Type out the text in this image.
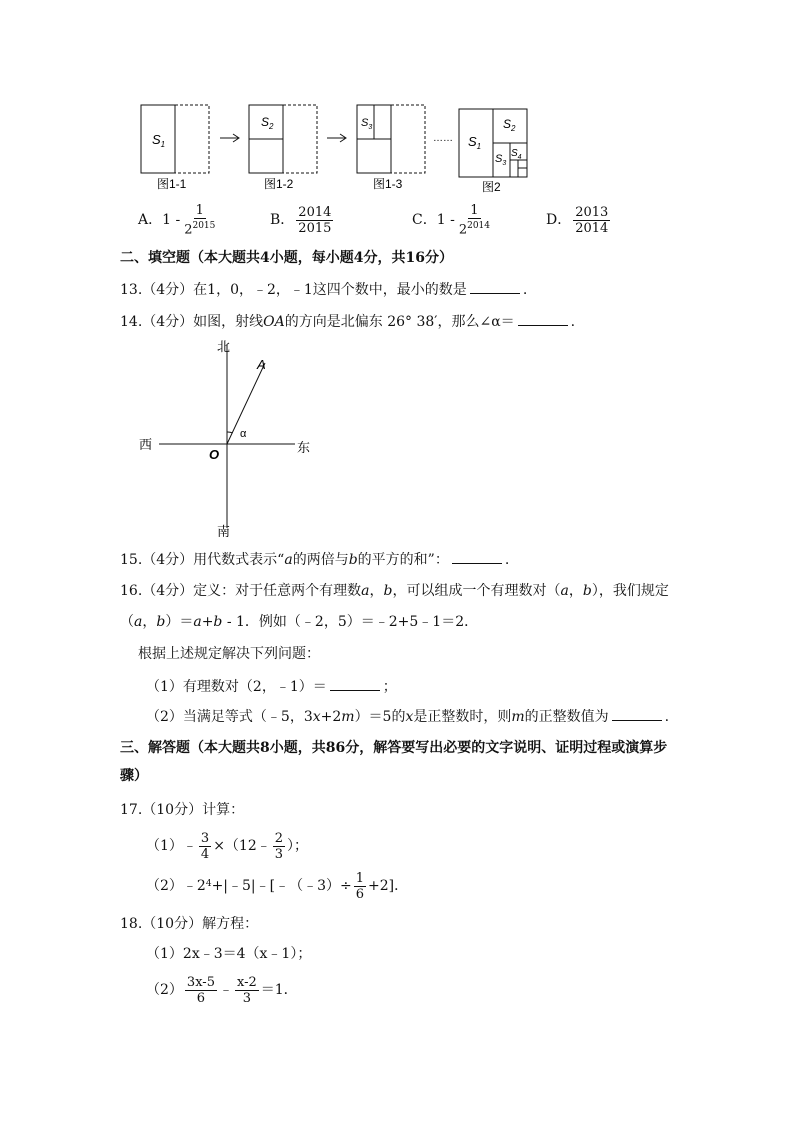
$S_1$
图1-1
$S_2$
图1-2
$S_3$
图1-3
…… $S_1$
$S_2$
$S_3$
$S_4$
图2
A．$1 - \frac{1}{2^{2015}}$	B． $\frac{2014}{2015}$	C．$1 - \frac{1}{2^{2014}}$	D． $\frac{2013}{2014}$
二、填空题（本大题共4小题，每小题4分，共16分）
13.（4分）在1，0，﹣2，﹣1这四个数中，最小的数是	.
14.（4分）如图，射线OA的方向是北偏东 26° 38′，那么∠α＝	.
北
南
西	东
O
A
α
15.（4分）用代数式表示“a的两倍与b的平方的和”：	.
16.（4分）定义：对于任意两个有理数a，b，可以组成一个有理数对（a，b），我们规定
（a，b）＝a+b - 1．例如（﹣2，5）＝﹣2+5﹣1＝2．
根据上述规定解决下列问题：
（1）有理数对（2，﹣1）＝	；
（2）当满足等式（﹣5，3x+2m）＝5的x是正整数时，则m的正整数值为	.
三、解答题（本大题共8小题，共86分，解答要写出必要的文字说明、证明过程或演算步
骤）
17.（10分）计算：
（1）﹣ $\frac{3}{4}$ ×（12﹣ $\frac{2}{3}$ ）；
（2）﹣2 4 +|﹣5|﹣[﹣（﹣3）÷ $\frac{1}{6} +2$]．
18.（10分）解方程：
（1）2x﹣3＝4（x﹣1）；
$(2) \frac{3x-5}{6}$ ﹣ $\frac{x-2}{3} =1$．
